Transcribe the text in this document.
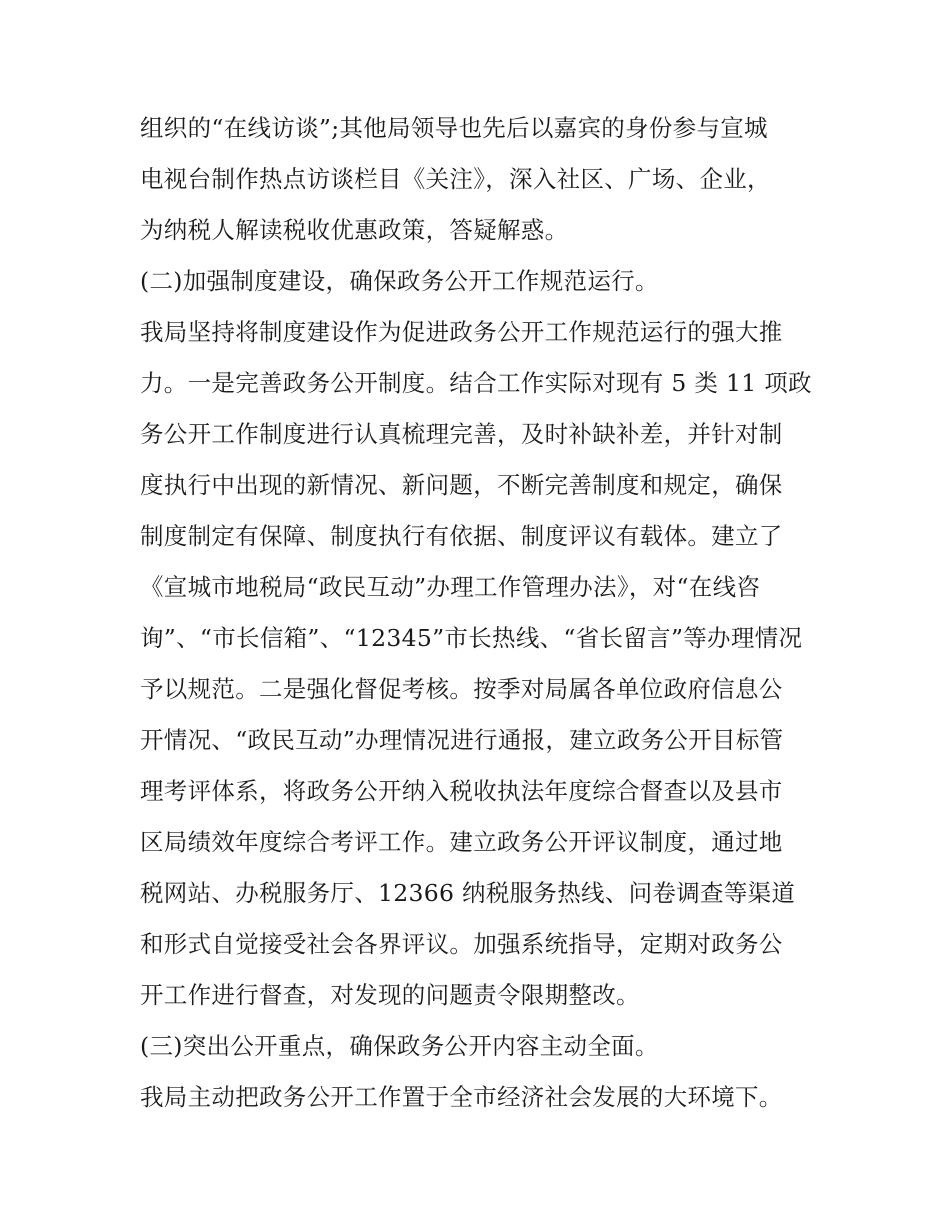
组织的“在线访谈”;其他局领导也先后以嘉宾的身份参与宣城
电视台制作热点访谈栏目《关注》，深入社区、广场、企业，
为纳税人解读税收优惠政策，答疑解惑。
(二)加强制度建设，确保政务公开工作规范运行。
我局坚持将制度建设作为促进政务公开工作规范运行的强大推
力。一是完善政务公开制度。结合工作实际对现有 5 类 11 项政
务公开工作制度进行认真梳理完善，及时补缺补差，并针对制
度执行中出现的新情况、新问题，不断完善制度和规定，确保
制度制定有保障、制度执行有依据、制度评议有载体。建立了
《宣城市地税局“政民互动”办理工作管理办法》，对“在线咨
询”、“市长信箱”、“12345”市长热线、“省长留言”等办理情况
予以规范。二是强化督促考核。按季对局属各单位政府信息公
开情况、“政民互动”办理情况进行通报，建立政务公开目标管
理考评体系，将政务公开纳入税收执法年度综合督查以及县市
区局绩效年度综合考评工作。建立政务公开评议制度，通过地
税网站、办税服务厅、12366 纳税服务热线、问卷调查等渠道
和形式自觉接受社会各界评议。加强系统指导，定期对政务公
开工作进行督查，对发现的问题责令限期整改。
(三)突出公开重点，确保政务公开内容主动全面。
我局主动把政务公开工作置于全市经济社会发展的大环境下。
